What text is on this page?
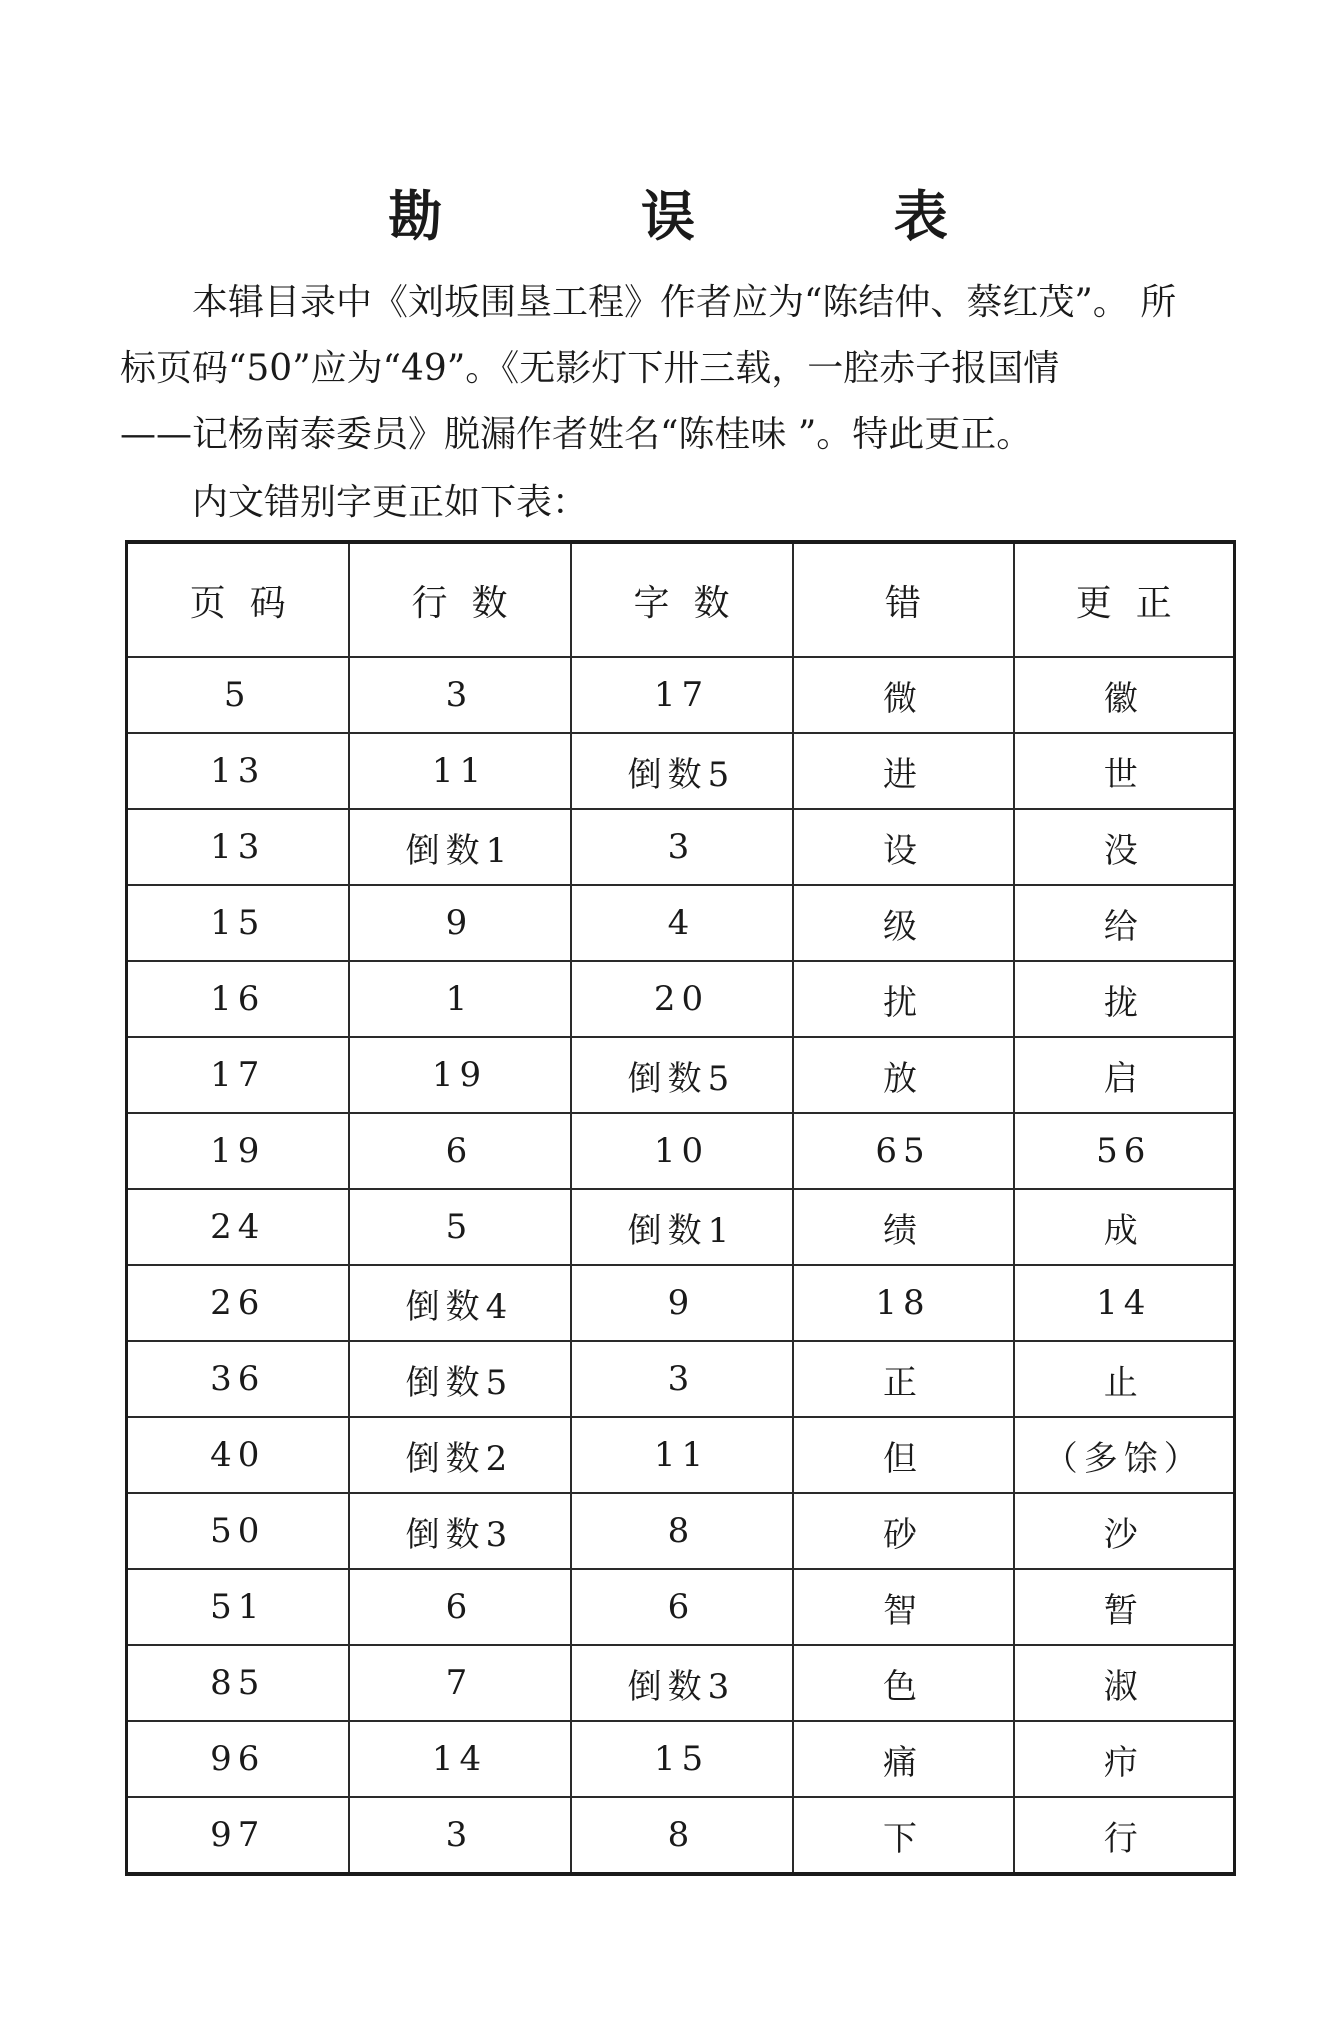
勘 误 表

本辑目录中《刘坂围垦工程》作者应为“陈结仲、蔡红茂”。 所
标页码“50”应为“49”。《无影灯下卅三载，一腔赤子报国情
——记杨南泰委员》脱漏作者姓名“陈桂味 ”。特此更正。

内文错别字更正如下表：

页码	行数	字数	错	更正
5	3	17	微	徽
13	11	倒数5	进	世
13	倒数1	3	设	没
15	9	4	级	给
16	1	20	扰	拢
17	19	倒数5	放	启
19	6	10	65	56
24	5	倒数1	绩	成
26	倒数4	9	18	14
36	倒数5	3	正	止
40	倒数2	11	但	（多馀）
50	倒数3	8	砂	沙
51	6	6	智	暂
85	7	倒数3	色	淑
96	14	15	痛	疖
97	3	8	下	行
